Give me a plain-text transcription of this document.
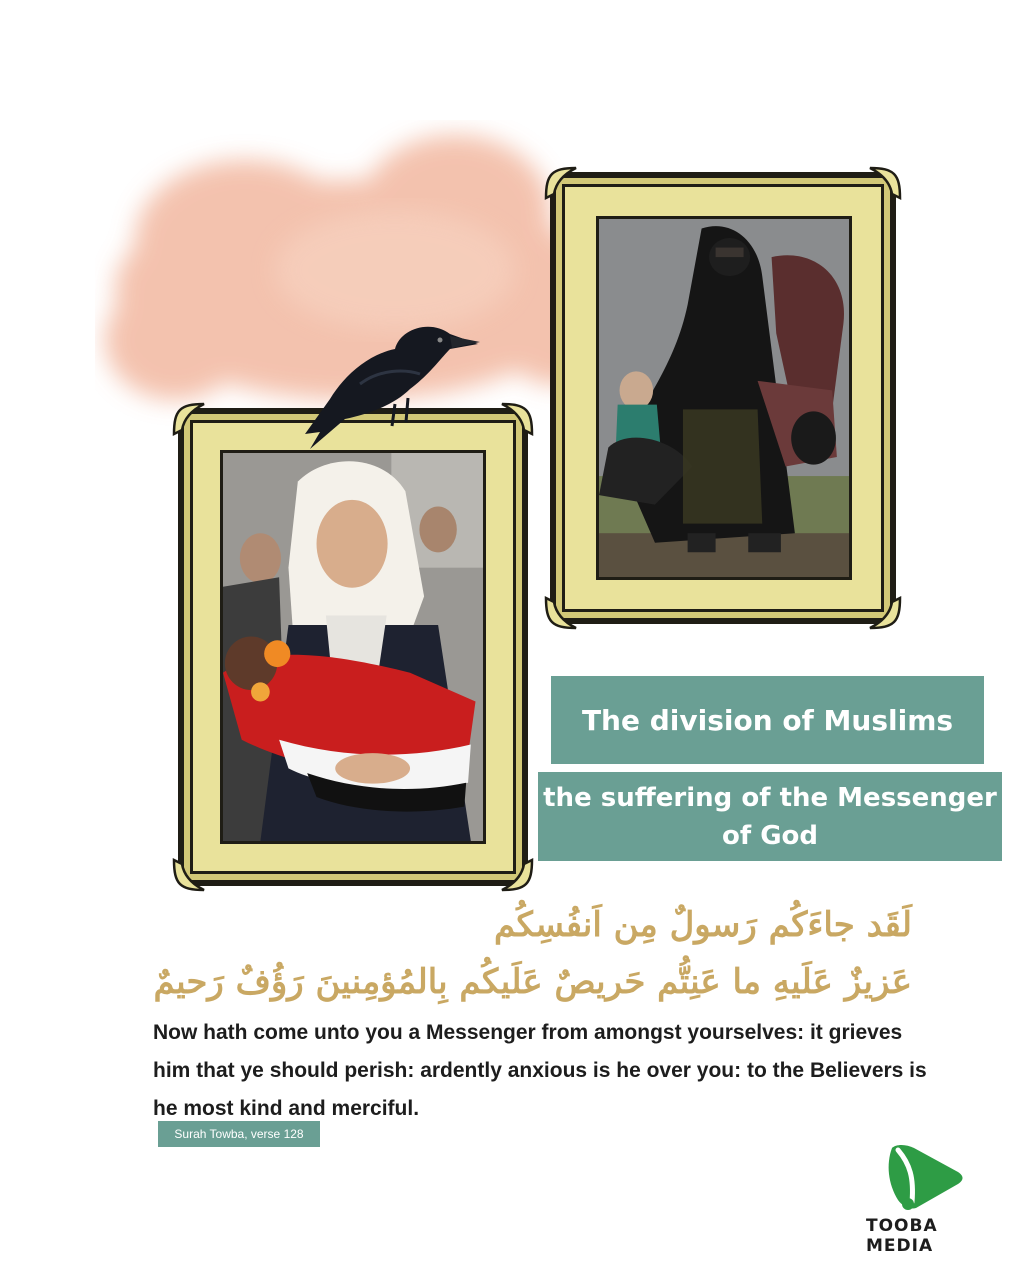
The division of Muslims
the suffering of the Messenger of God
لَقَد جاءَكُم رَسولٌ مِن اَنفُسِكُم
عَزيزٌ عَلَيهِ ما عَنِتُّم حَريصٌ عَلَيكُم بِالمُؤمِنينَ رَؤُفٌ رَحيمٌ
Now hath come unto you a Messenger from amongst yourselves: it grieves him that ye should perish: ardently anxious is he over you: to the Believers is he most kind and merciful.
Surah Towba, verse 128
TOOBA MEDIA
